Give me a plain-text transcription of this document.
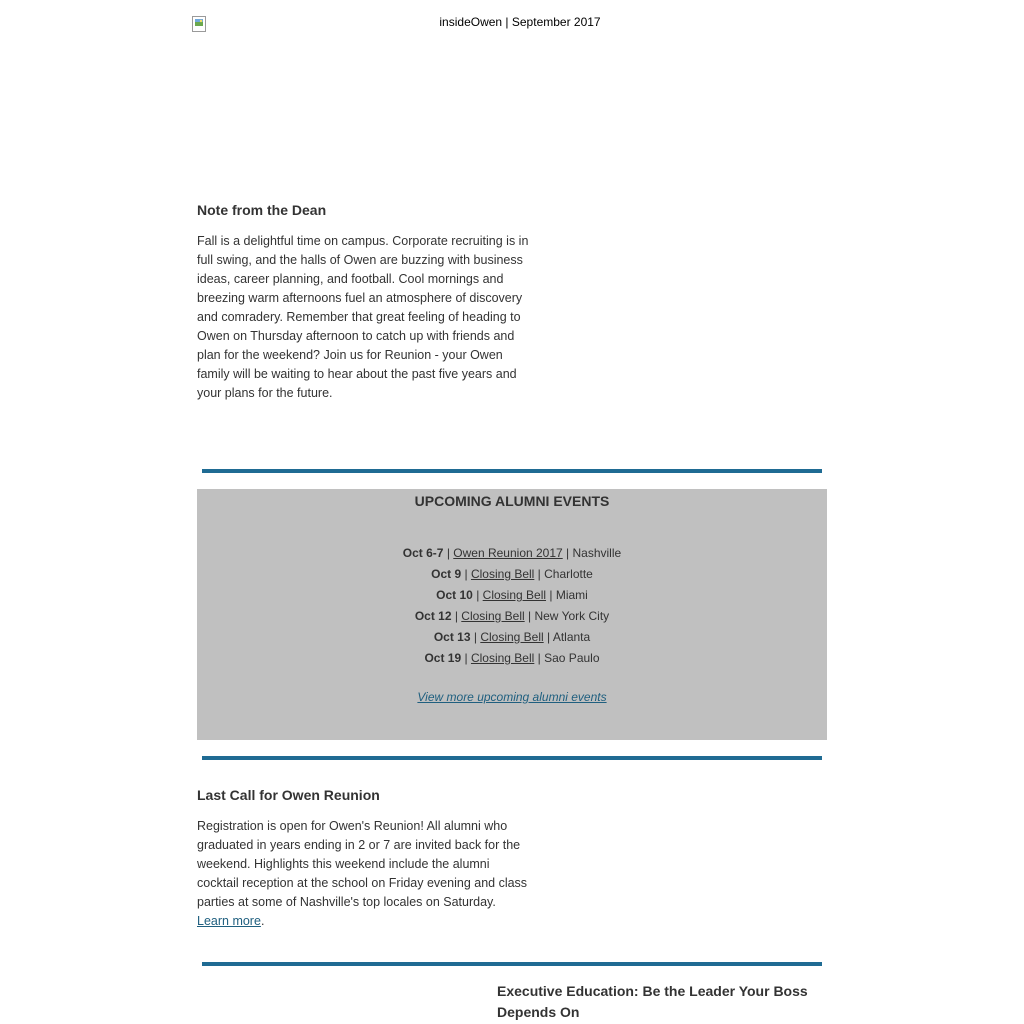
insideOwen | September 2017
Note from the Dean

Fall is a delightful time on campus. Corporate recruiting is in full swing, and the halls of Owen are buzzing with business ideas, career planning, and football. Cool mornings and breezing warm afternoons fuel an atmosphere of discovery and comradery. Remember that great feeling of heading to Owen on Thursday afternoon to catch up with friends and plan for the weekend? Join us for Reunion - your Owen family will be waiting to hear about the past five years and your plans for the future.

UPCOMING ALUMNI EVENTS
Oct 6-7 | Owen Reunion 2017 | Nashville
Oct 9 | Closing Bell | Charlotte
Oct 10 | Closing Bell | Miami
Oct 12 | Closing Bell | New York City
Oct 13 | Closing Bell | Atlanta
Oct 19 | Closing Bell | Sao Paulo
View more upcoming alumni events
Last Call for Owen Reunion

Registration is open for Owen's Reunion! All alumni who graduated in years ending in 2 or 7 are invited back for the weekend. Highlights this weekend include the alumni cocktail reception at the school on Friday evening and class parties at some of Nashville's top locales on Saturday. Learn more.

Executive Education: Be the Leader Your Boss Depends On
